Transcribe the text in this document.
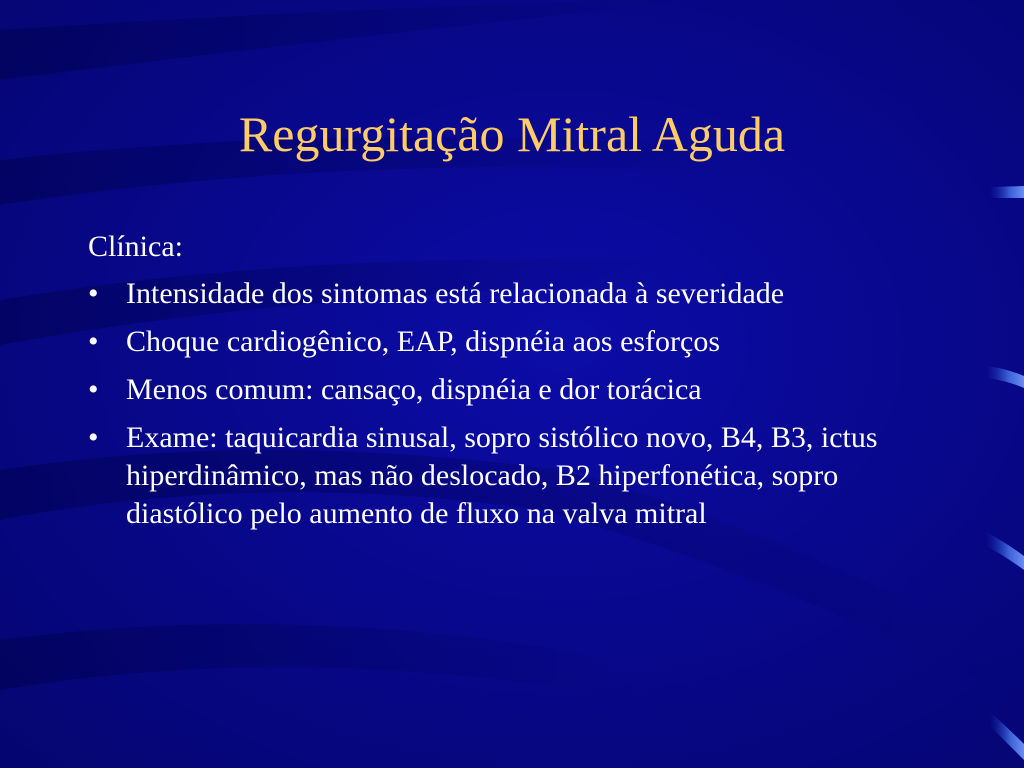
Regurgitação Mitral Aguda

Clínica:

• Intensidade dos sintomas está relacionada à severidade
• Choque cardiogênico, EAP, dispnéia aos esforços
• Menos comum: cansaço, dispnéia e dor torácica
• Exame: taquicardia sinusal, sopro sistólico novo, B4, B3, ictus hiperdinâmico, mas não deslocado, B2 hiperfonética, sopro diastólico pelo aumento de fluxo na valva mitral
